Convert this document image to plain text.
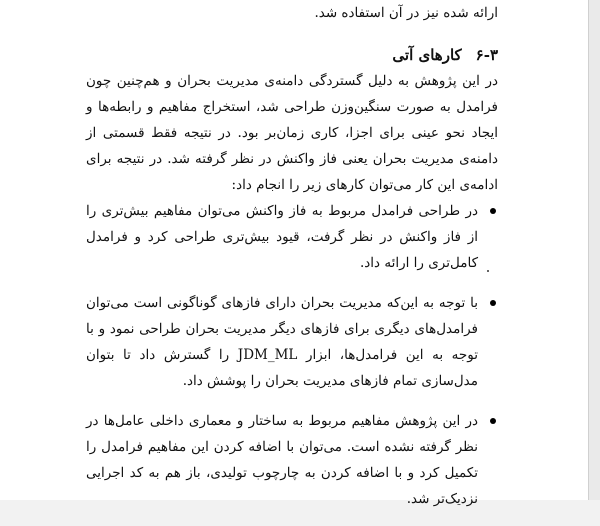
ارائه شده نیز در آن استفاده شد.
۶-۳
کارهای آتی
در این پژوهش به دلیل گستردگی دامنه‌ی مدیریت بحران و هم‌چنین چون فرامدل به صورت سنگین‌وزن طراحی شد، استخراج مفاهیم و رابطه‌ها و ایجاد نحو عینی برای اجزا، کاری زمان‌بر بود. در نتیجه فقط قسمتی از دامنه‌ی مدیریت بحران یعنی فاز واکنش در نظر گرفته شد. در نتیجه برای ادامه‌ی این کار می‌توان کارهای زیر را انجام داد:
در طراحی فرامدل مربوط به فاز واکنش می‌توان مفاهیم بیش‌تری را از فاز واکنش در نظر گرفت، قیود بیش‌تری طراحی کرد و فرامدل کامل‌تری را ارائه داد.
با توجه به این‌که مدیریت بحران دارای فازهای گوناگونی است می‌توان فرامدل‌های دیگری برای فازهای دیگر مدیریت بحران طراحی نمود و با توجه به این فرامدل‌ها، ابزار JDM_ML را گسترش داد تا بتوان مدل‌سازی تمام فازهای مدیریت بحران را پوشش داد.
در این پژوهش مفاهیم مربوط به ساختار و معماری داخلی عامل‌ها در نظر گرفته نشده است. می‌توان با اضافه کردن این مفاهیم فرامدل را تکمیل کرد و با اضافه کردن به چارچوب تولیدی، باز هم به کد اجرایی نزدیک‌تر شد.
